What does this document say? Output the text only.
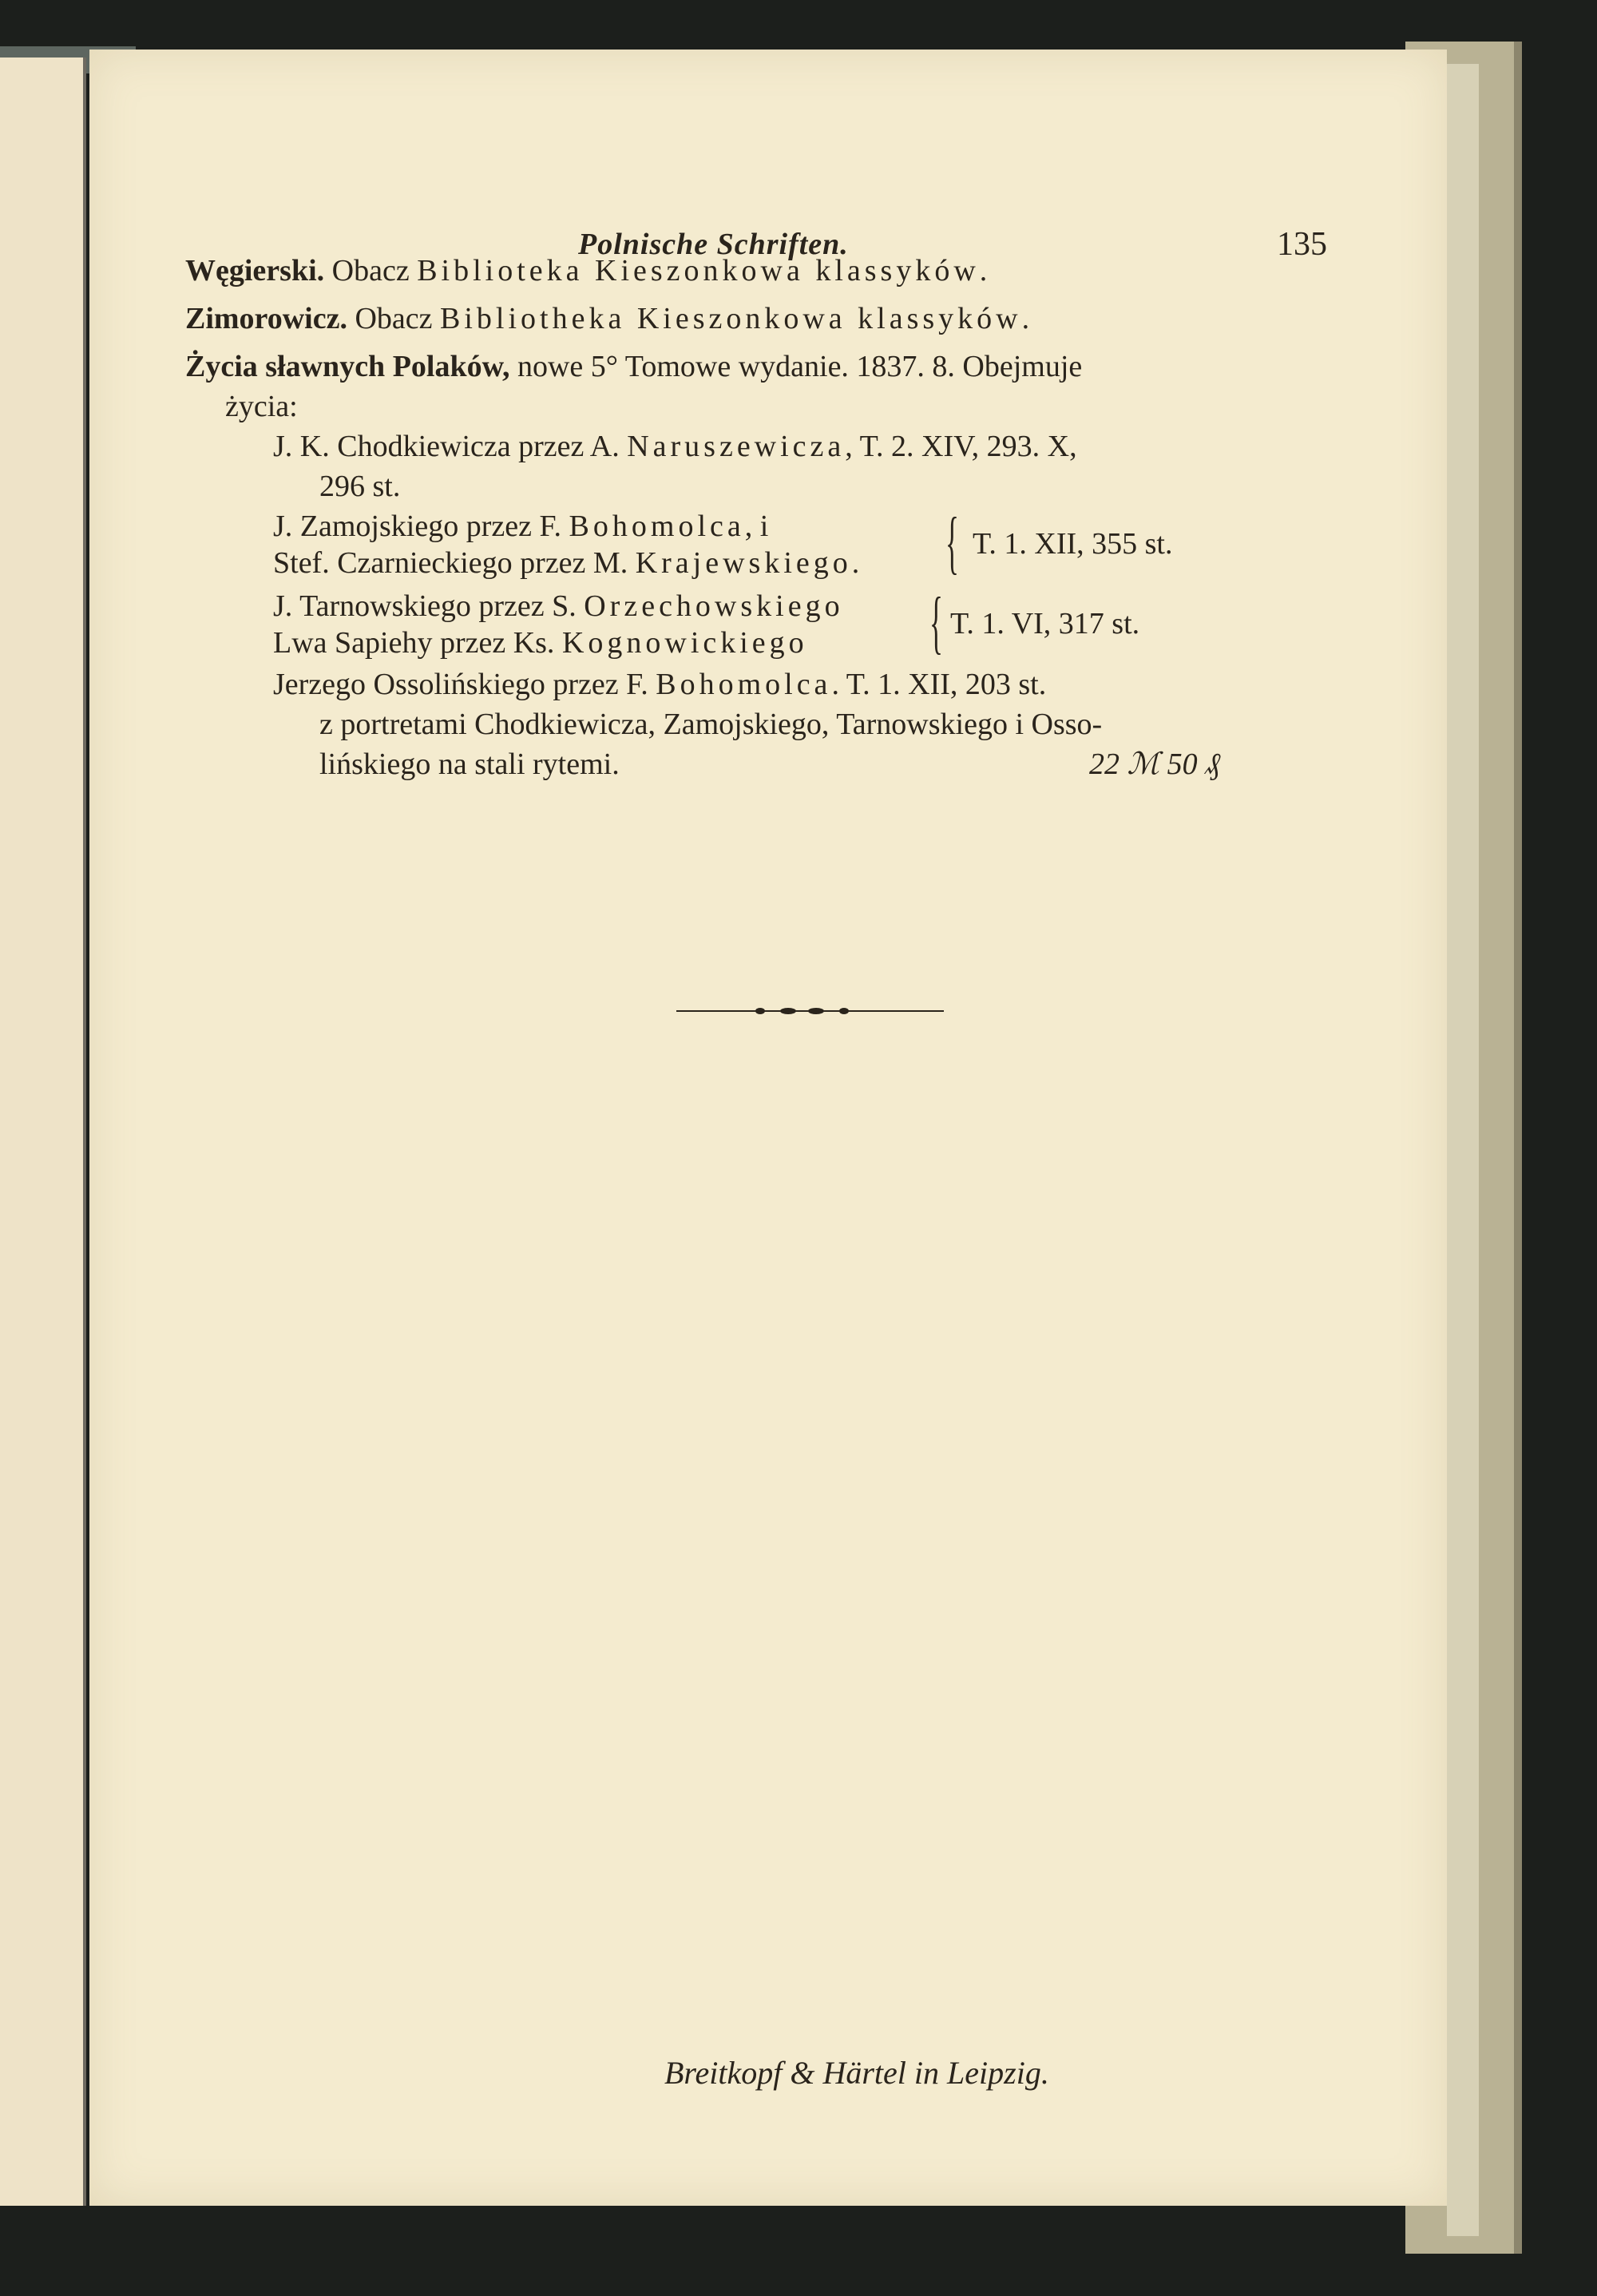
Polnische Schriften.	135
Węgierski. Obacz Biblioteka Kieszonkowa klassyków.
Zimorowicz. Obacz Bibliotheka Kieszonkowa klassyków.
Życia sławnych Polaków, nowe 5° Tomowe wydanie. 1837. 8. Obejmuje
życia:
J. K. Chodkiewicza przez A. Naruszewicza, T. 2. XIV, 293. X,
296 st.
J. Zamojskiego przez F. Bohomolca, i
Stef. Czarnieckiego przez M. Krajewskiego. { T. 1. XII, 355 st.
J. Tarnowskiego przez S. Orzechowskiego
Lwa Sapiehy przez Ks. Kognowickiego { T. 1. VI, 317 st.
Jerzego Ossolińskiego przez F. Bohomolca. T. 1. XII, 203 st.
z portretami Chodkiewicza, Zamojskiego, Tarnowskiego i Osso-
lińskiego na stali rytemi.	22 ℳ 50 ₰
Breitkopf & Härtel in Leipzig.
